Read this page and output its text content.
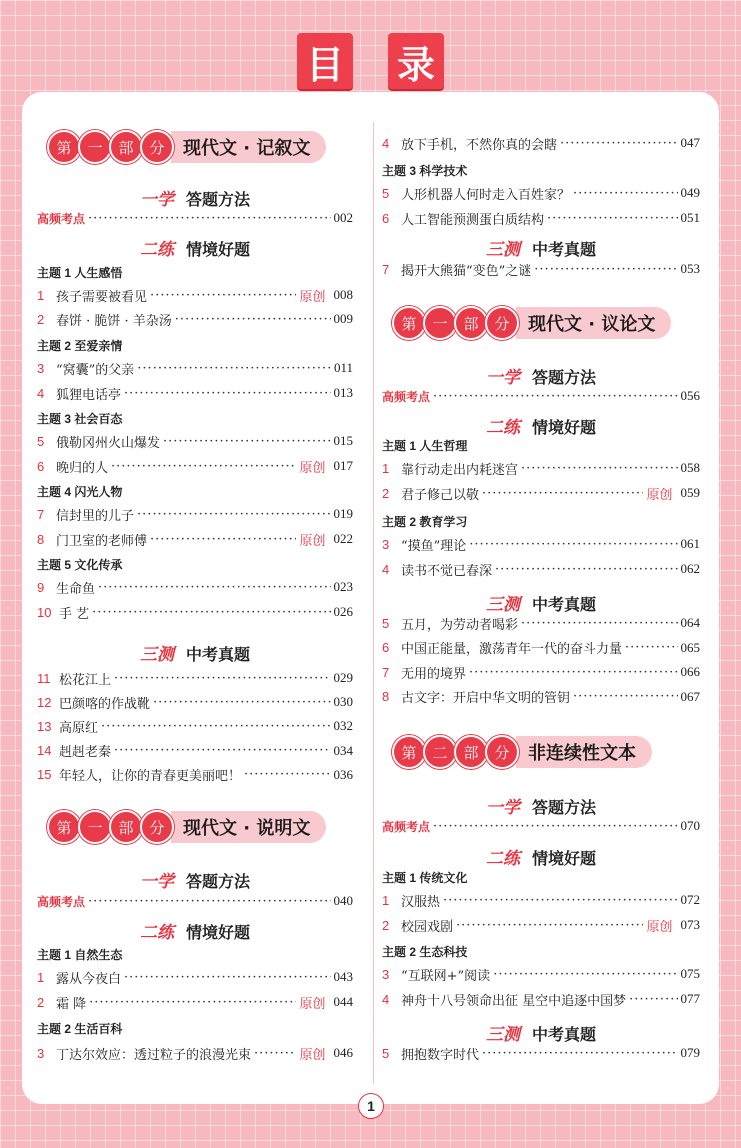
目 录
第	一	部	分	现代文 · 记叙文
一学 答题方法
高频考点 ·····	002
二练 情境好题
主题 1 人生感悟
1 孩子需要被看见 ·····	原创 008
2 春饼 · 脆饼 · 羊杂汤 ·····	009
主题 2 至爱亲情
3 “窝囊”的父亲 ·····	011
4 狐狸电话亭 ·····	013
主题 3 社会百态
5 俄勒冈州火山爆发 ·····	015
6 晚归的人 ·····	原创 017
主题 4 闪光人物
7 信封里的儿子 ·····	019
8 门卫室的老师傅 ·····	原创 022
主题 5 文化传承
9 生命鱼 ·····	023
10 手 艺 ·····	026
三测 中考真题
11 松花江上 ·····	029
12 巴颜喀的作战靴 ·····	030
13 高原红 ·····	032
14 赳赳老秦 ·····	034
15 年轻人，让你的青春更美丽吧！ ·····	036
第	一	部	分	现代文 · 说明文
一学 答题方法
高频考点 ·····	040
二练 情境好题
主题 1 自然生态
1 露从今夜白 ·····	043
2 霜 降 ·····	原创 044
主题 2 生活百科
3 丁达尔效应：透过粒子的浪漫光束 ·····	原创 046
4 放下手机，不然你真的会瞎 ·····	047
主题 3 科学技术
5 人形机器人何时走入百姓家？ ·····	049
6 人工智能预测蛋白质结构 ·····	051
三测 中考真题
7 揭开大熊猫“变色”之谜 ·····	053
第	一	部	分	现代文 · 议论文
一学 答题方法
高频考点 ·····	056
二练 情境好题
主题 1 人生哲理
1 靠行动走出内耗迷宫 ·····	058
2 君子修己以敬 ·····	原创 059
主题 2 教育学习
3 “摸鱼”理论 ·····	061
4 读书不觉已春深 ·····	062
三测 中考真题
5 五月，为劳动者喝彩 ·····	064
6 中国正能量，激荡青年一代的奋斗力量 ·····	065
7 无用的境界 ·····	066
8 古文字：开启中华文明的管钥 ·····	067
第	二	部	分	非连续性文本
一学 答题方法
高频考点 ·····	070
二练 情境好题
主题 1 传统文化
1 汉服热 ·····	072
2 校园戏剧 ·····	原创 073
主题 2 生态科技
3 “互联网+”阅读 ·····	075
4 神舟十八号领命出征 星空中追逐中国梦 ·····	077
三测 中考真题
5 拥抱数字时代 ·····	079
1
